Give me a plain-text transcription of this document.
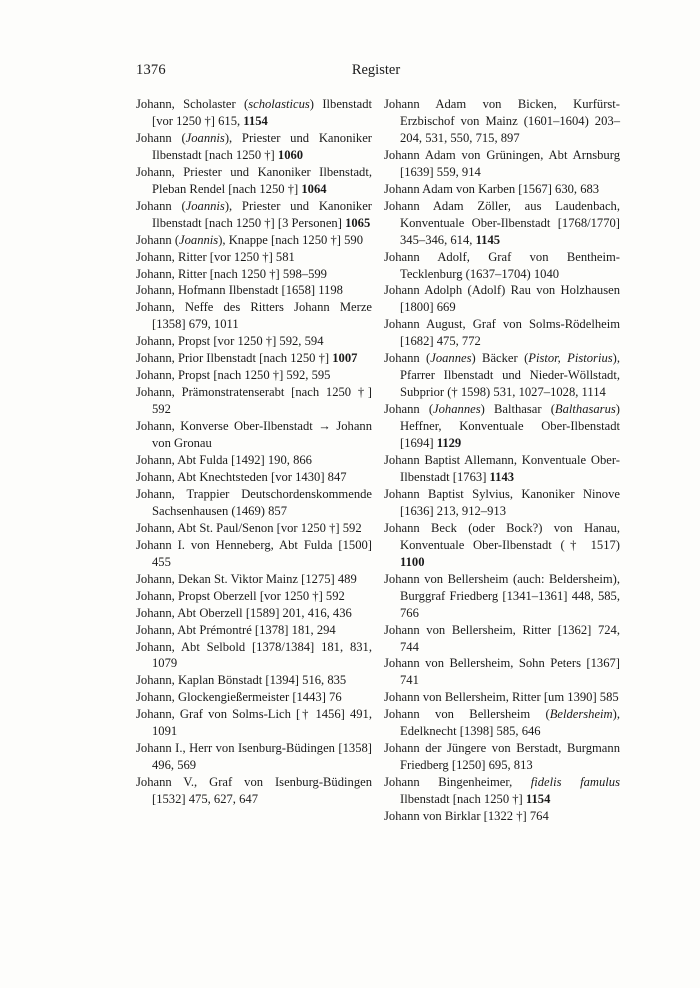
1376	Register
Johann, Scholaster (scholasticus) Ilbenstadt [vor 1250 †] 615, 1154
Johann (Joannis), Priester und Kanoniker Ilbenstadt [nach 1250 †] 1060
Johann, Priester und Kanoniker Ilbenstadt, Pleban Rendel [nach 1250 †] 1064
Johann (Joannis), Priester und Kanoniker Ilbenstadt [nach 1250 †] [3 Personen] 1065
Johann (Joannis), Knappe [nach 1250 †] 590
Johann, Ritter [vor 1250 †] 581
Johann, Ritter [nach 1250 †] 598–599
Johann, Hofmann Ilbenstadt [1658] 1198
Johann, Neffe des Ritters Johann Merze [1358] 679, 1011
Johann, Propst [vor 1250 †] 592, 594
Johann, Prior Ilbenstadt [nach 1250 †] 1007
Johann, Propst [nach 1250 †] 592, 595
Johann, Prämonstratenserabt [nach 1250 †] 592
Johann, Konverse Ober-Ilbenstadt → Johann von Gronau
Johann, Abt Fulda [1492] 190, 866
Johann, Abt Knechtsteden [vor 1430] 847
Johann, Trappier Deutschordenskommende Sachsenhausen (1469) 857
Johann, Abt St. Paul/Senon [vor 1250 †] 592
Johann I. von Henneberg, Abt Fulda [1500] 455
Johann, Dekan St. Viktor Mainz [1275] 489
Johann, Propst Oberzell [vor 1250 †] 592
Johann, Abt Oberzell [1589] 201, 416, 436
Johann, Abt Prémontré [1378] 181, 294
Johann, Abt Selbold [1378/1384] 181, 831, 1079
Johann, Kaplan Bönstadt [1394] 516, 835
Johann, Glockengießermeister [1443] 76
Johann, Graf von Solms-Lich [† 1456] 491, 1091
Johann I., Herr von Isenburg-Büdingen [1358] 496, 569
Johann V., Graf von Isenburg-Büdingen [1532] 475, 627, 647
Johann Adam von Bicken, Kurfürst-Erzbischof von Mainz (1601–1604) 203–204, 531, 550, 715, 897
Johann Adam von Grüningen, Abt Arnsburg [1639] 559, 914
Johann Adam von Karben [1567] 630, 683
Johann Adam Zöller, aus Laudenbach, Konventuale Ober-Ilbenstadt [1768/1770] 345–346, 614, 1145
Johann Adolf, Graf von Bentheim-Tecklenburg (1637–1704) 1040
Johann Adolph (Adolf) Rau von Holzhausen [1800] 669
Johann August, Graf von Solms-Rödelheim [1682] 475, 772
Johann (Joannes) Bäcker (Pistor, Pistorius), Pfarrer Ilbenstadt und Nieder-Wöllstadt, Subprior († 1598) 531, 1027–1028, 1114
Johann (Johannes) Balthasar (Balthasarus) Heffner, Konventuale Ober-Ilbenstadt [1694] 1129
Johann Baptist Allemann, Konventuale Ober-Ilbenstadt [1763] 1143
Johann Baptist Sylvius, Kanoniker Ninove [1636] 213, 912–913
Johann Beck (oder Bock?) von Hanau, Konventuale Ober-Ilbenstadt († 1517) 1100
Johann von Bellersheim (auch: Beldersheim), Burggraf Friedberg [1341–1361] 448, 585, 766
Johann von Bellersheim, Ritter [1362] 724, 744
Johann von Bellersheim, Sohn Peters [1367] 741
Johann von Bellersheim, Ritter [um 1390] 585
Johann von Bellersheim (Beldersheim), Edelknecht [1398] 585, 646
Johann der Jüngere von Berstadt, Burgmann Friedberg [1250] 695, 813
Johann Bingenheimer, fidelis famulus Ilbenstadt [nach 1250 †] 1154
Johann von Birklar [1322 †] 764
